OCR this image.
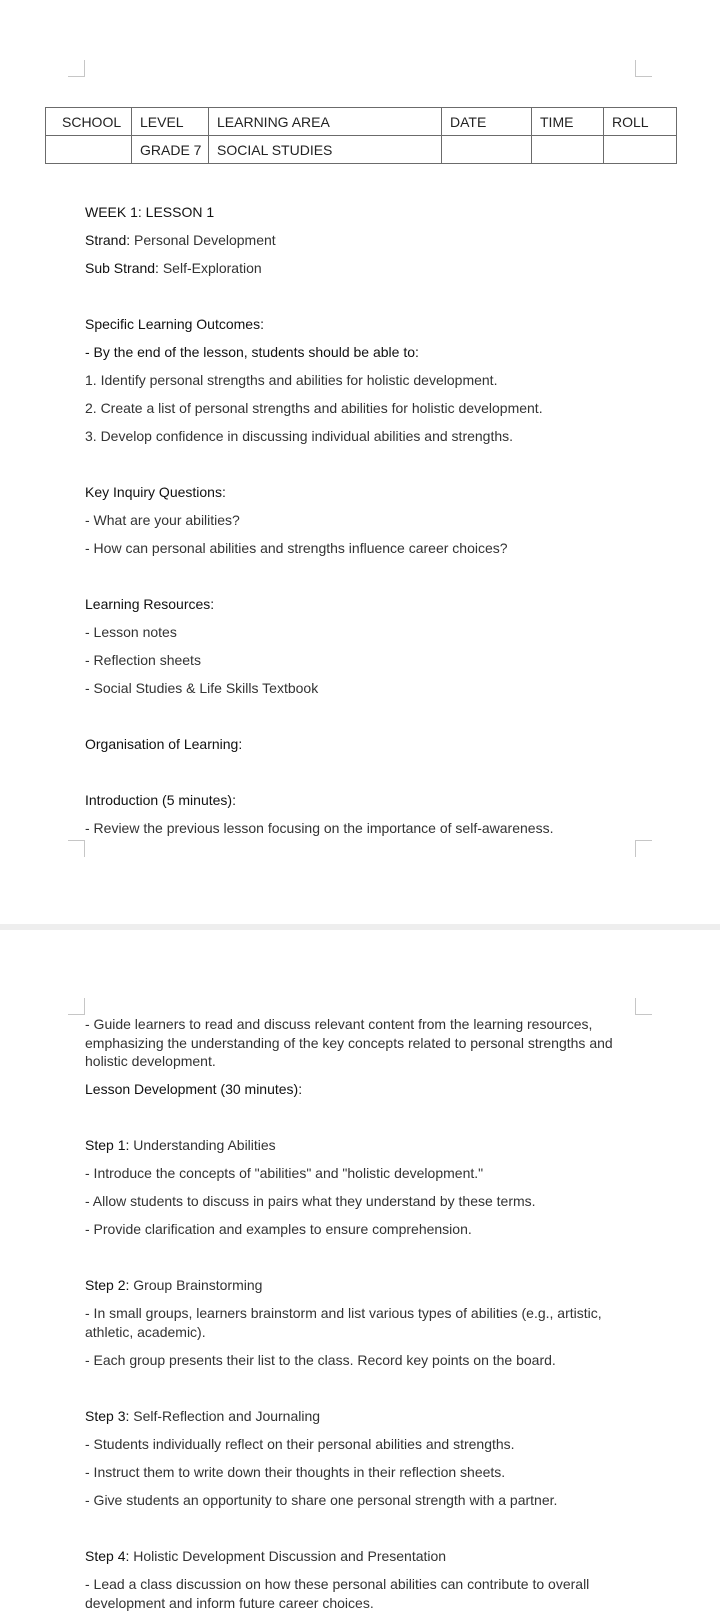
SCHOOL	LEVEL	LEARNING AREA	DATE	TIME	ROLL
	GRADE 7	SOCIAL STUDIES			
WEEK 1: LESSON 1
Strand: Personal Development
Sub Strand: Self-Exploration
Specific Learning Outcomes:
- By the end of the lesson, students should be able to:
1. Identify personal strengths and abilities for holistic development.
2. Create a list of personal strengths and abilities for holistic development.
3. Develop confidence in discussing individual abilities and strengths.
Key Inquiry Questions:
- What are your abilities?
- How can personal abilities and strengths influence career choices?
Learning Resources:
- Lesson notes
- Reflection sheets
- Social Studies & Life Skills Textbook
Organisation of Learning:
Introduction (5 minutes):
- Review the previous lesson focusing on the importance of self-awareness.
- Guide learners to read and discuss relevant content from the learning resources, emphasizing the understanding of the key concepts related to personal strengths and holistic development.
Lesson Development (30 minutes):
Step 1: Understanding Abilities
- Introduce the concepts of "abilities" and "holistic development."
- Allow students to discuss in pairs what they understand by these terms.
- Provide clarification and examples to ensure comprehension.
Step 2: Group Brainstorming
- In small groups, learners brainstorm and list various types of abilities (e.g., artistic, athletic, academic).
- Each group presents their list to the class. Record key points on the board.
Step 3: Self-Reflection and Journaling
- Students individually reflect on their personal abilities and strengths.
- Instruct them to write down their thoughts in their reflection sheets.
- Give students an opportunity to share one personal strength with a partner.
Step 4: Holistic Development Discussion and Presentation
- Lead a class discussion on how these personal abilities can contribute to overall development and inform future career choices.
